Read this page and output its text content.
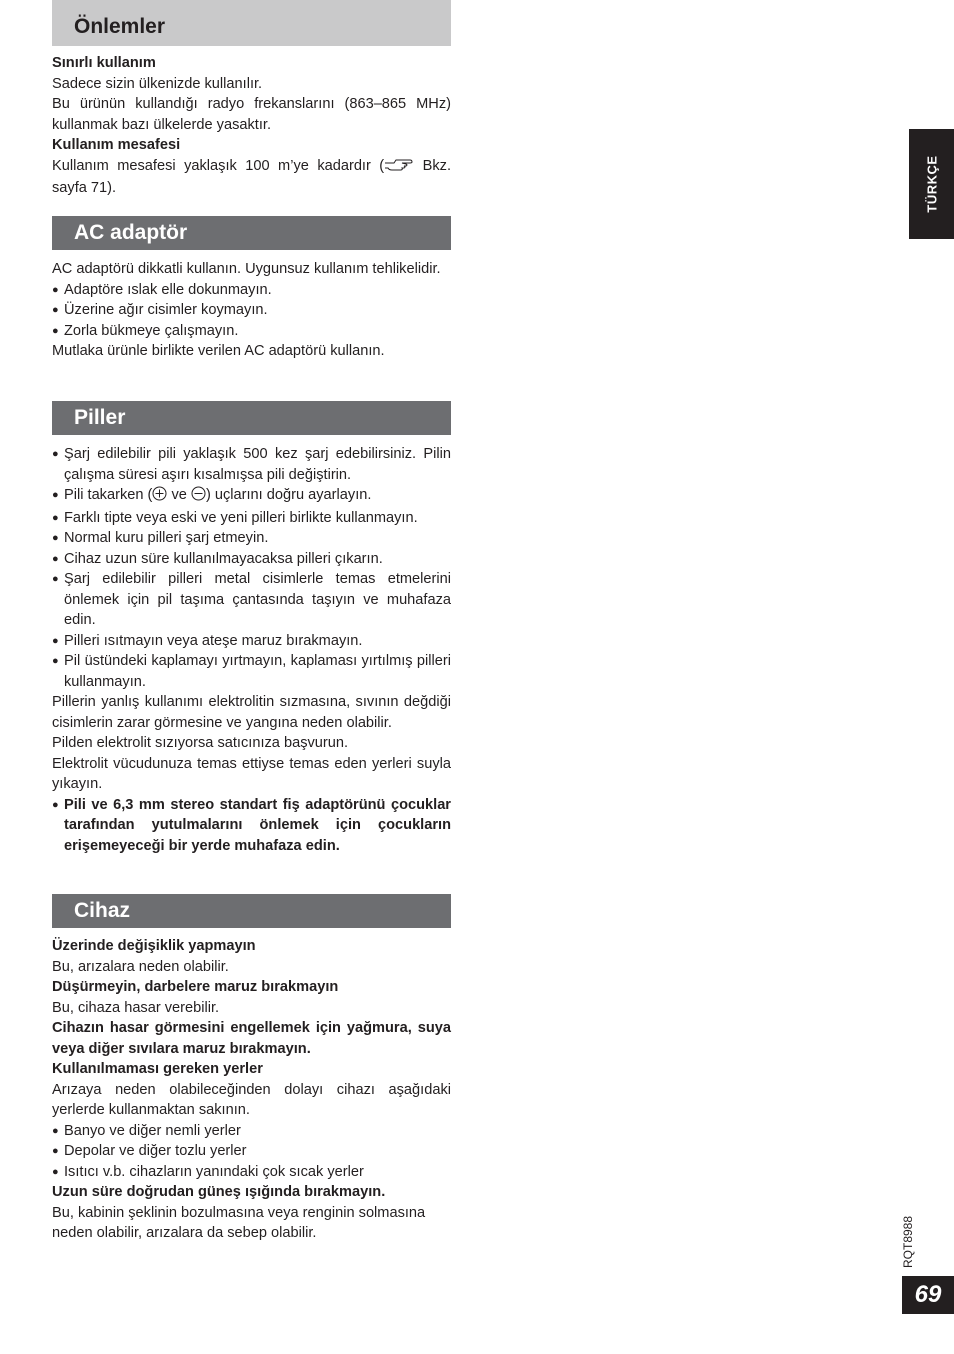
Önlemler

Sınırlı kullanım

Sadece sizin ülkenizde kullanılır.

Bu ürünün kullandığı radyo frekanslarını (863–865 MHz) kullanmak bazı ülkelerde yasaktır.

Kullanım mesafesi

Kullanım mesafesi yaklaşık 100 m’ye kadardır ( Bkz. sayfa 71).

AC adaptör

AC adaptörü dikkatli kullanın. Uygunsuz kullanım tehlikelidir.

● Adaptöre ıslak elle dokunmayın.

● Üzerine ağır cisimler koymayın.

● Zorla bükmeye çalışmayın.

Mutlaka ürünle birlikte verilen AC adaptörü kullanın.

Piller

● Şarj edilebilir pili yaklaşık 500 kez şarj edebilirsiniz. Pilin çalışma süresi aşırı kısalmışsa pili değiştirin.

● Pili takarken ( ve ) uçlarını doğru ayarlayın.

● Farklı tipte veya eski ve yeni pilleri birlikte kullanmayın.

● Normal kuru pilleri şarj etmeyin.

● Cihaz uzun süre kullanılmayacaksa pilleri çıkarın.

● Şarj edilebilir pilleri metal cisimlerle temas etmelerini önlemek için pil taşıma çantasında taşıyın ve muhafaza edin.

● Pilleri ısıtmayın veya ateşe maruz bırakmayın.

● Pil üstündeki kaplamayı yırtmayın, kaplaması yırtılmış pilleri kullanmayın.

Pillerin yanlış kullanımı elektrolitin sızmasına, sıvının değdiği cisimlerin zarar görmesine ve yangına neden olabilir.

Pilden elektrolit sızıyorsa satıcınıza başvurun.

Elektrolit vücudunuza temas ettiyse temas eden yerleri suyla yıkayın.

● Pili ve 6,3 mm stereo standart fiş adaptörünü çocuklar tarafından yutulmalarını önlemek için çocukların erişemeyeceği bir yerde muhafaza edin.

Cihaz

Üzerinde değişiklik yapmayın

Bu, arızalara neden olabilir.

Düşürmeyin, darbelere maruz bırakmayın

Bu, cihaza hasar verebilir.

Cihazın hasar görmesini engellemek için yağmura, suya veya diğer sıvılara maruz bırakmayın.

Kullanılmaması gereken yerler

Arızaya neden olabileceğinden dolayı cihazı aşağıdaki yerlerde kullanmaktan sakının.

● Banyo ve diğer nemli yerler

● Depolar ve diğer tozlu yerler

● Isıtıcı v.b. cihazların yanındaki çok sıcak yerler

Uzun süre doğrudan güneş ışığında bırakmayın.

Bu, kabinin şeklinin bozulmasına veya renginin solmasına neden olabilir, arızalara da sebep olabilir.

TÜRKÇE
RQT8988
69
